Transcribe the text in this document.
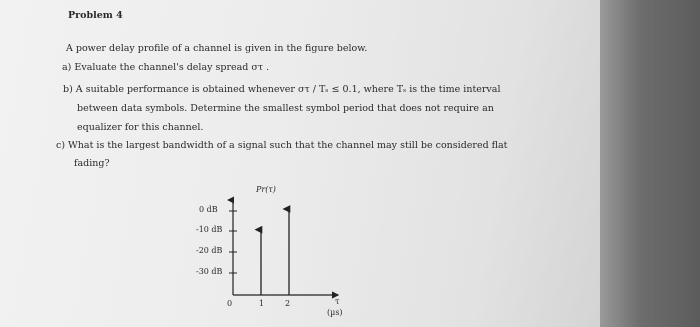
Problem 4
A power delay profile of a channel is given in the figure below.
a) Evaluate the channel's delay spread στ .
b) A suitable performance is obtained whenever στ / Tₛ ≤ 0.1, where Tₛ is the time interval
between data symbols. Determine the smallest symbol period that does not require an
equalizer for this channel.
c) What is the largest bandwidth of a signal such that the channel may still be considered flat
fading?
Pr(τ)
0 dB
-10 dB
-20 dB
-30 dB
0	1	2	τ
(µs)
